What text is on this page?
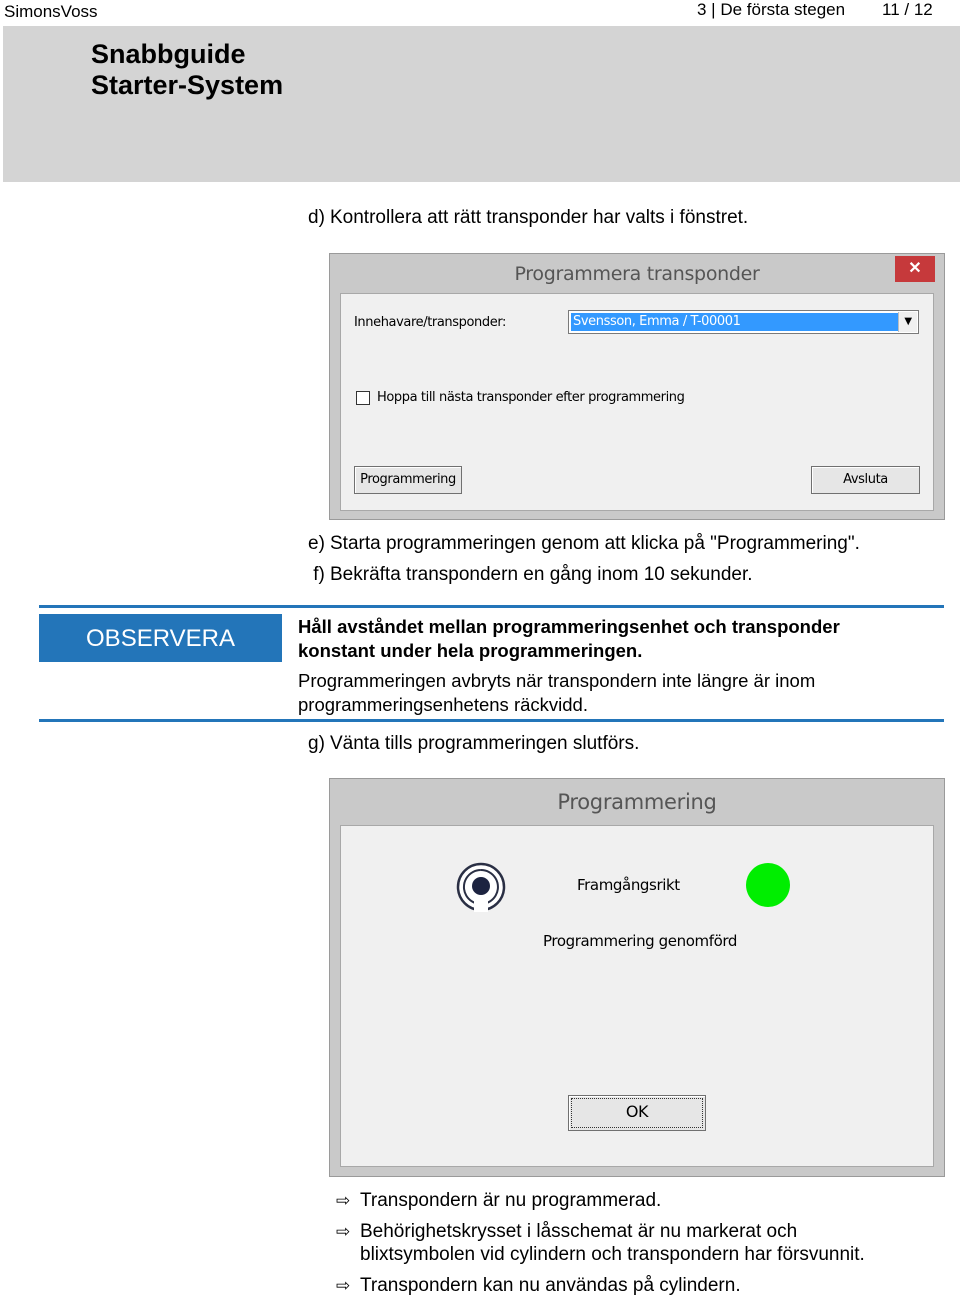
SimonsVoss	3 | De första stegen 11 / 12
Snabbguide
Starter-System
d) Kontrollera att rätt transponder har valts i fönstret.
Programmera transponder	✕
Innehavare/transponder:	Svensson, Emma / T-00001	▼
Hoppa till nästa transponder efter programmering
Programmering	Avsluta
e) Starta programmeringen genom att klicka på "Programmering".
f) Bekräfta transpondern en gång inom 10 sekunder.
OBSERVERA	Håll avståndet mellan programmeringsenhet och transponder
konstant under hela programmeringen.
Programmeringen avbryts när transpondern inte längre är inom
programmeringsenhetens räckvidd.
g) Vänta tills programmeringen slutförs.
Programmering
Framgångsrikt
Programmering genomförd
OK
⇨ Transpondern är nu programmerad.
⇨ Behörighetskrysset i låsschemat är nu markerat och
blixtsymbolen vid cylindern och transpondern har försvunnit.
⇨ Transpondern kan nu användas på cylindern.
